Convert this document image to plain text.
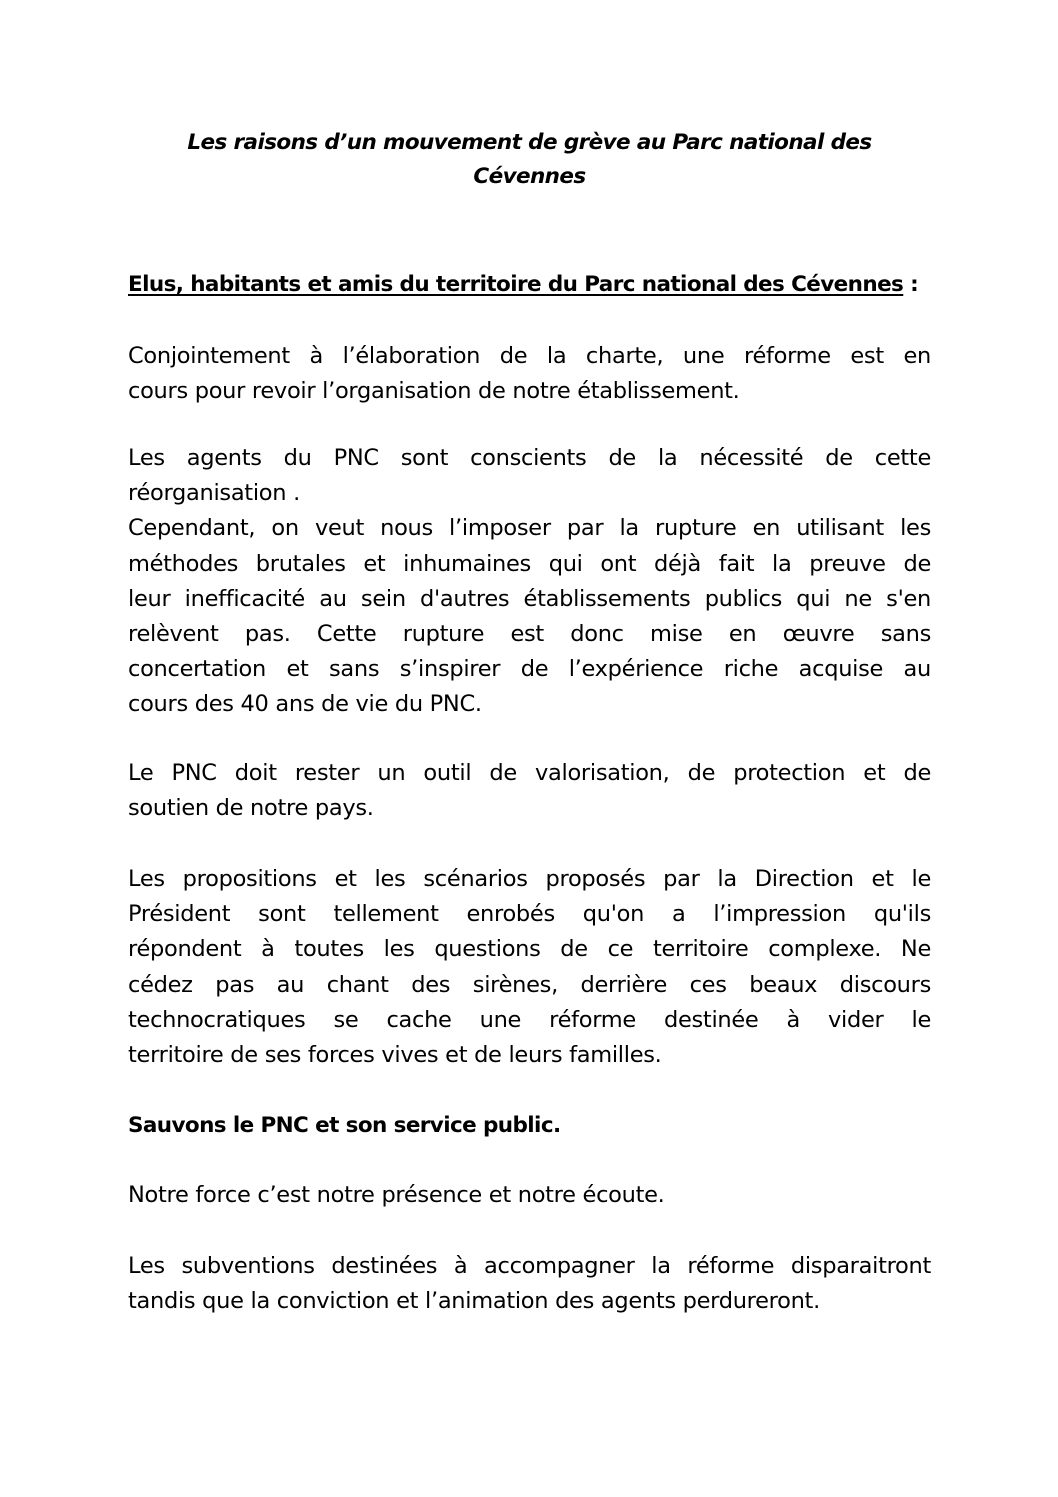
Les raisons d’un mouvement de grève au Parc national des
Cévennes
Elus, habitants et amis du territoire du Parc national des Cévennes :
Conjointement à l’élaboration de la charte, une réforme est en
cours pour revoir l’organisation de notre établissement.
Les agents du PNC sont conscients de la nécessité de cette
réorganisation .
Cependant, on veut nous l’imposer par la rupture en utilisant les
méthodes brutales et inhumaines qui ont déjà fait la preuve de
leur inefficacité au sein d'autres établissements publics qui ne s'en
relèvent pas. Cette rupture est donc mise en œuvre sans
concertation et sans s’inspirer de l’expérience riche acquise au
cours des 40 ans de vie du PNC.
Le PNC doit rester un outil de valorisation, de protection et de
soutien de notre pays.
Les propositions et les scénarios proposés par la Direction et le
Président sont tellement enrobés qu'on a l’impression qu'ils
répondent à toutes les questions de ce territoire complexe. Ne
cédez pas au chant des sirènes, derrière ces beaux discours
technocratiques se cache une réforme destinée à vider le
territoire de ses forces vives et de leurs familles.
Sauvons le PNC et son service public.
Notre force c’est notre présence et notre écoute.
Les subventions destinées à accompagner la réforme disparaitront
tandis que la conviction et l’animation des agents perdureront.
